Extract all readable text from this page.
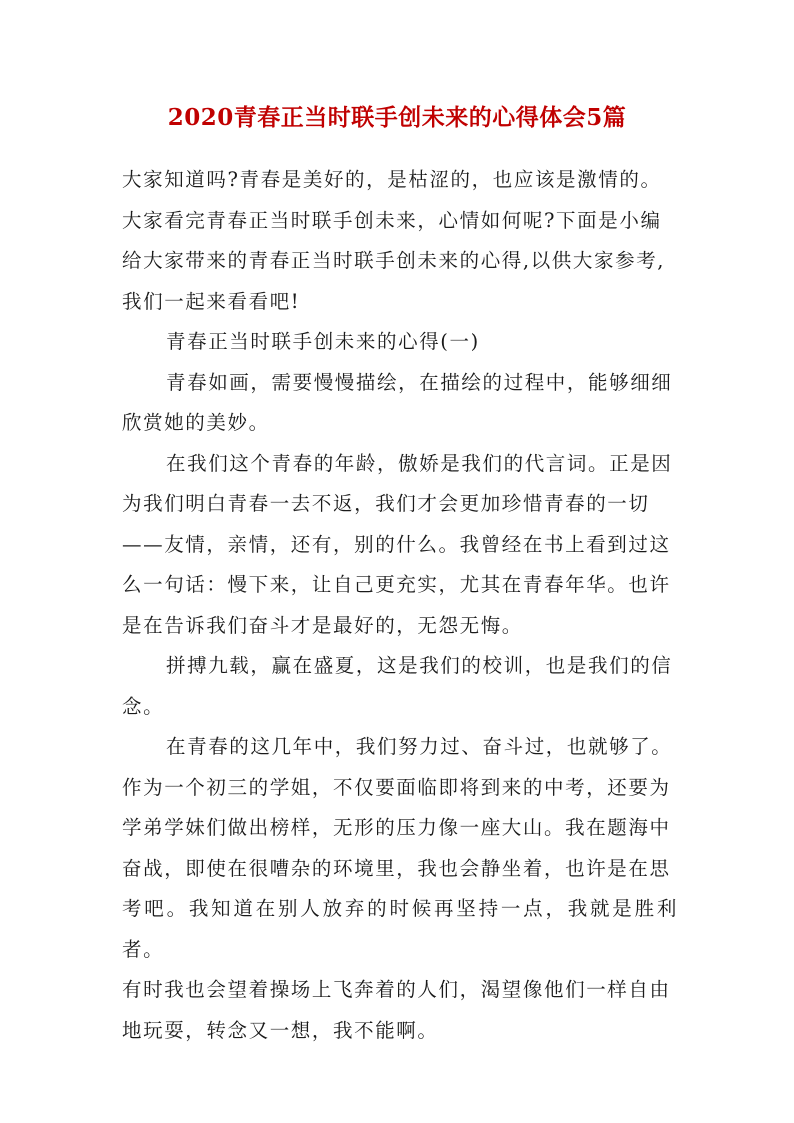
2020青春正当时联手创未来的心得体会5篇

大家知道吗?青春是美好的，是枯涩的，也应该是激情的。
大家看完青春正当时联手创未来，心情如何呢?下面是小编
给大家带来的青春正当时联手创未来的心得,以供大家参考,
我们一起来看看吧!

青春正当时联手创未来的心得(一)

青春如画，需要慢慢描绘，在描绘的过程中，能够细细
欣赏她的美妙。

在我们这个青春的年龄，傲娇是我们的代言词。正是因
为我们明白青春一去不返，我们才会更加珍惜青春的一切
——友情，亲情，还有，别的什么。我曾经在书上看到过这
么一句话：慢下来，让自己更充实，尤其在青春年华。也许
是在告诉我们奋斗才是最好的，无怨无悔。

拼搏九载，赢在盛夏，这是我们的校训，也是我们的信
念。

在青春的这几年中，我们努力过、奋斗过，也就够了。
作为一个初三的学姐，不仅要面临即将到来的中考，还要为
学弟学妹们做出榜样，无形的压力像一座大山。我在题海中
奋战，即使在很嘈杂的环境里，我也会静坐着，也许是在思
考吧。我知道在别人放弃的时候再坚持一点，我就是胜利者。
有时我也会望着操场上飞奔着的人们，渴望像他们一样自由
地玩耍，转念又一想，我不能啊。
